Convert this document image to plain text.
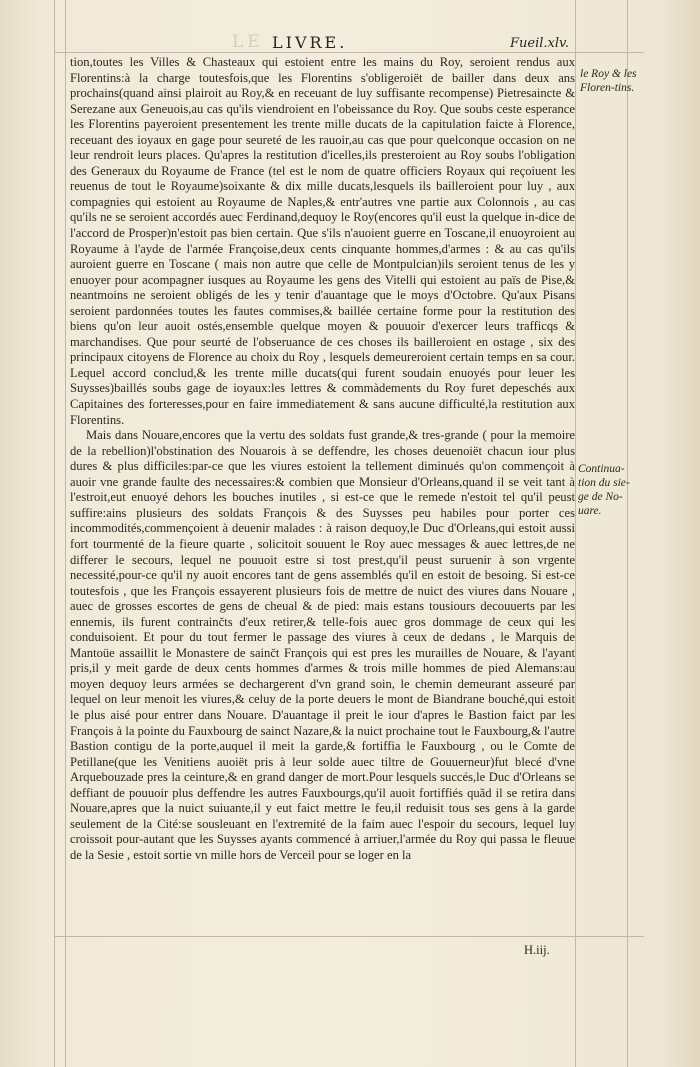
LE LIVRE.	Fueil.xlv.

tion,toutes les Villes & Chasteaux qui estoient entre les mains du Roy, seroient rendus aux Florentins:à la charge toutesfois,que les Florentins s'obligeroiët de bailler dans deux ans prochains(quand ainsi plairoit au Roy,& en receuant de luy suffisante recompense) Pietresaincte & Serezane aux Geneuois,au cas qu'ils viendroient en l'obeissance du Roy. Que soubs ceste esperance les Florentins payeroient presentement les trente mille ducats de la capitulation faicte à Florence, receuant des ioyaux en gage pour seureté de les rauoir,au cas que pour quelconque occasion on ne leur rendroit leurs places. Qu'apres la restitution d'icelles,ils presteroient au Roy soubs l'obligation des Generaux du Royaume de France (tel est le nom de quatre officiers Royaux qui reçoiuent les reuenus de tout le Royaume)soixante & dix mille ducats,lesquels ils bailleroient pour luy , aux compagnies qui estoient au Royaume de Naples,& entr'autres vne partie aux Colonnois , au cas qu'ils ne se seroient accordés auec Ferdinand,dequoy le Roy(encores qu'il eust la quelque in-dice de l'accord de Prosper)n'estoit pas bien certain. Que s'ils n'auoient guerre en Toscane,il enuoyroient au Royaume à l'ayde de l'armée Françoise,deux cents cinquante hommes,d'armes : & au cas qu'ils auroient guerre en Toscane ( mais non autre que celle de Montpulcian)ils seroient tenus de les y enuoyer pour acompagner iusques au Royaume les gens des Vitelli qui estoient au païs de Pise,& neantmoins ne seroient obligés de les y tenir d'auantage que le moys d'Octobre. Qu'aux Pisans seroient pardonnées toutes les fautes commises,& baillée certaine forme pour la restitution des biens qu'on leur auoit ostés,ensemble quelque moyen & pouuoir d'exercer leurs trafficqs & marchandises. Que pour seurté de l'obseruance de ces choses ils bailleroient en ostage , six des principaux citoyens de Florence au choix du Roy , lesquels demeureroient certain temps en sa cour. Lequel accord conclud,& les trente mille ducats(qui furent soudain enuoyés pour leuer les Suysses)baillés soubs gage de ioyaux:les lettres & commàdements du Roy furet depeschés aux Capitaines des forteresses,pour en faire immediatement & sans aucune difficulté,la restitution aux Florentins.

Mais dans Nouare,encores que la vertu des soldats fust grande,& tres-grande ( pour la memoire de la rebellion)l'obstination des Nouarois à se deffendre, les choses deuenoiët chacun iour plus dures & plus difficiles:par-ce que les viures estoient la tellement diminués qu'on commençoit à auoir vne grande faulte des necessaires:& combien que Monsieur d'Orleans,quand il se veit tant à l'estroit,eut enuoyé dehors les bouches inutiles , si est-ce que le remede n'estoit tel qu'il peust suffire:ains plusieurs des soldats François & des Suysses peu habiles pour porter ces incommodités,commençoient à deuenir malades : à raison dequoy,le Duc d'Orleans,qui estoit aussi fort tourmenté de la fieure quarte , solicitoit souuent le Roy auec messages & auec lettres,de ne differer le secours, lequel ne pouuoit estre si tost prest,qu'il peust suruenir à son vrgente necessité,pour-ce qu'il ny auoit encores tant de gens assemblés qu'il en estoit de besoing. Si est-ce toutesfois , que les François essayerent plusieurs fois de mettre de nuict des viures dans Nouare , auec de grosses escortes de gens de cheual & de pied: mais estans tousiours decouuerts par les ennemis, ils furent contrainčts d'eux retirer,& telle-fois auec gros dommage de ceux qui les conduisoient. Et pour du tout fermer le passage des viures à ceux de dedans , le Marquis de Mantoüe assaillit le Monastere de sainčt François qui est pres les murailles de Nouare, & l'ayant pris,il y meit garde de deux cents hommes d'armes & trois mille hommes de pied Alemans:au moyen dequoy leurs armées se dechargerent d'vn grand soin, le chemin demeurant asseuré par lequel on leur menoit les viures,& celuy de la porte deuers le mont de Biandrane bouché,qui estoit le plus aisé pour entrer dans Nouare. D'auantage il preit le iour d'apres le Bastion faict par les François à la pointe du Fauxbourg de sainct Nazare,& la nuict prochaine tout le Fauxbourg,& l'autre Bastion contigu de la porte,auquel il meit la garde,& fortiffia le Fauxbourg , ou le Comte de Petillane(que les Venitiens auoiët pris à leur solde auec tiltre de Gouuerneur)fut blecé d'vne Arquebouzade pres la ceinture,& en grand danger de mort.Pour lesquels succés,le Duc d'Orleans se deffiant de pouuoir plus deffendre les autres Fauxbourgs,qu'il auoit fortiffiés quãd il se retira dans Nouare,apres que la nuict suiuante,il y eut faict mettre le feu,il reduisit tous ses gens à la garde seulement de la Cité:se sousleuant en l'extremité de la faim auec l'espoir du secours, lequel luy croissoit pour-autant que les Suysses ayants commencé à arriuer,l'armée du Roy qui passa le fleuue de la Sesie , estoit sortie vn mille hors de Verceil pour se loger en la

le Roy & les Floren-tins.
Continua-tion du sie-ge de No-uare.
H.iij.
